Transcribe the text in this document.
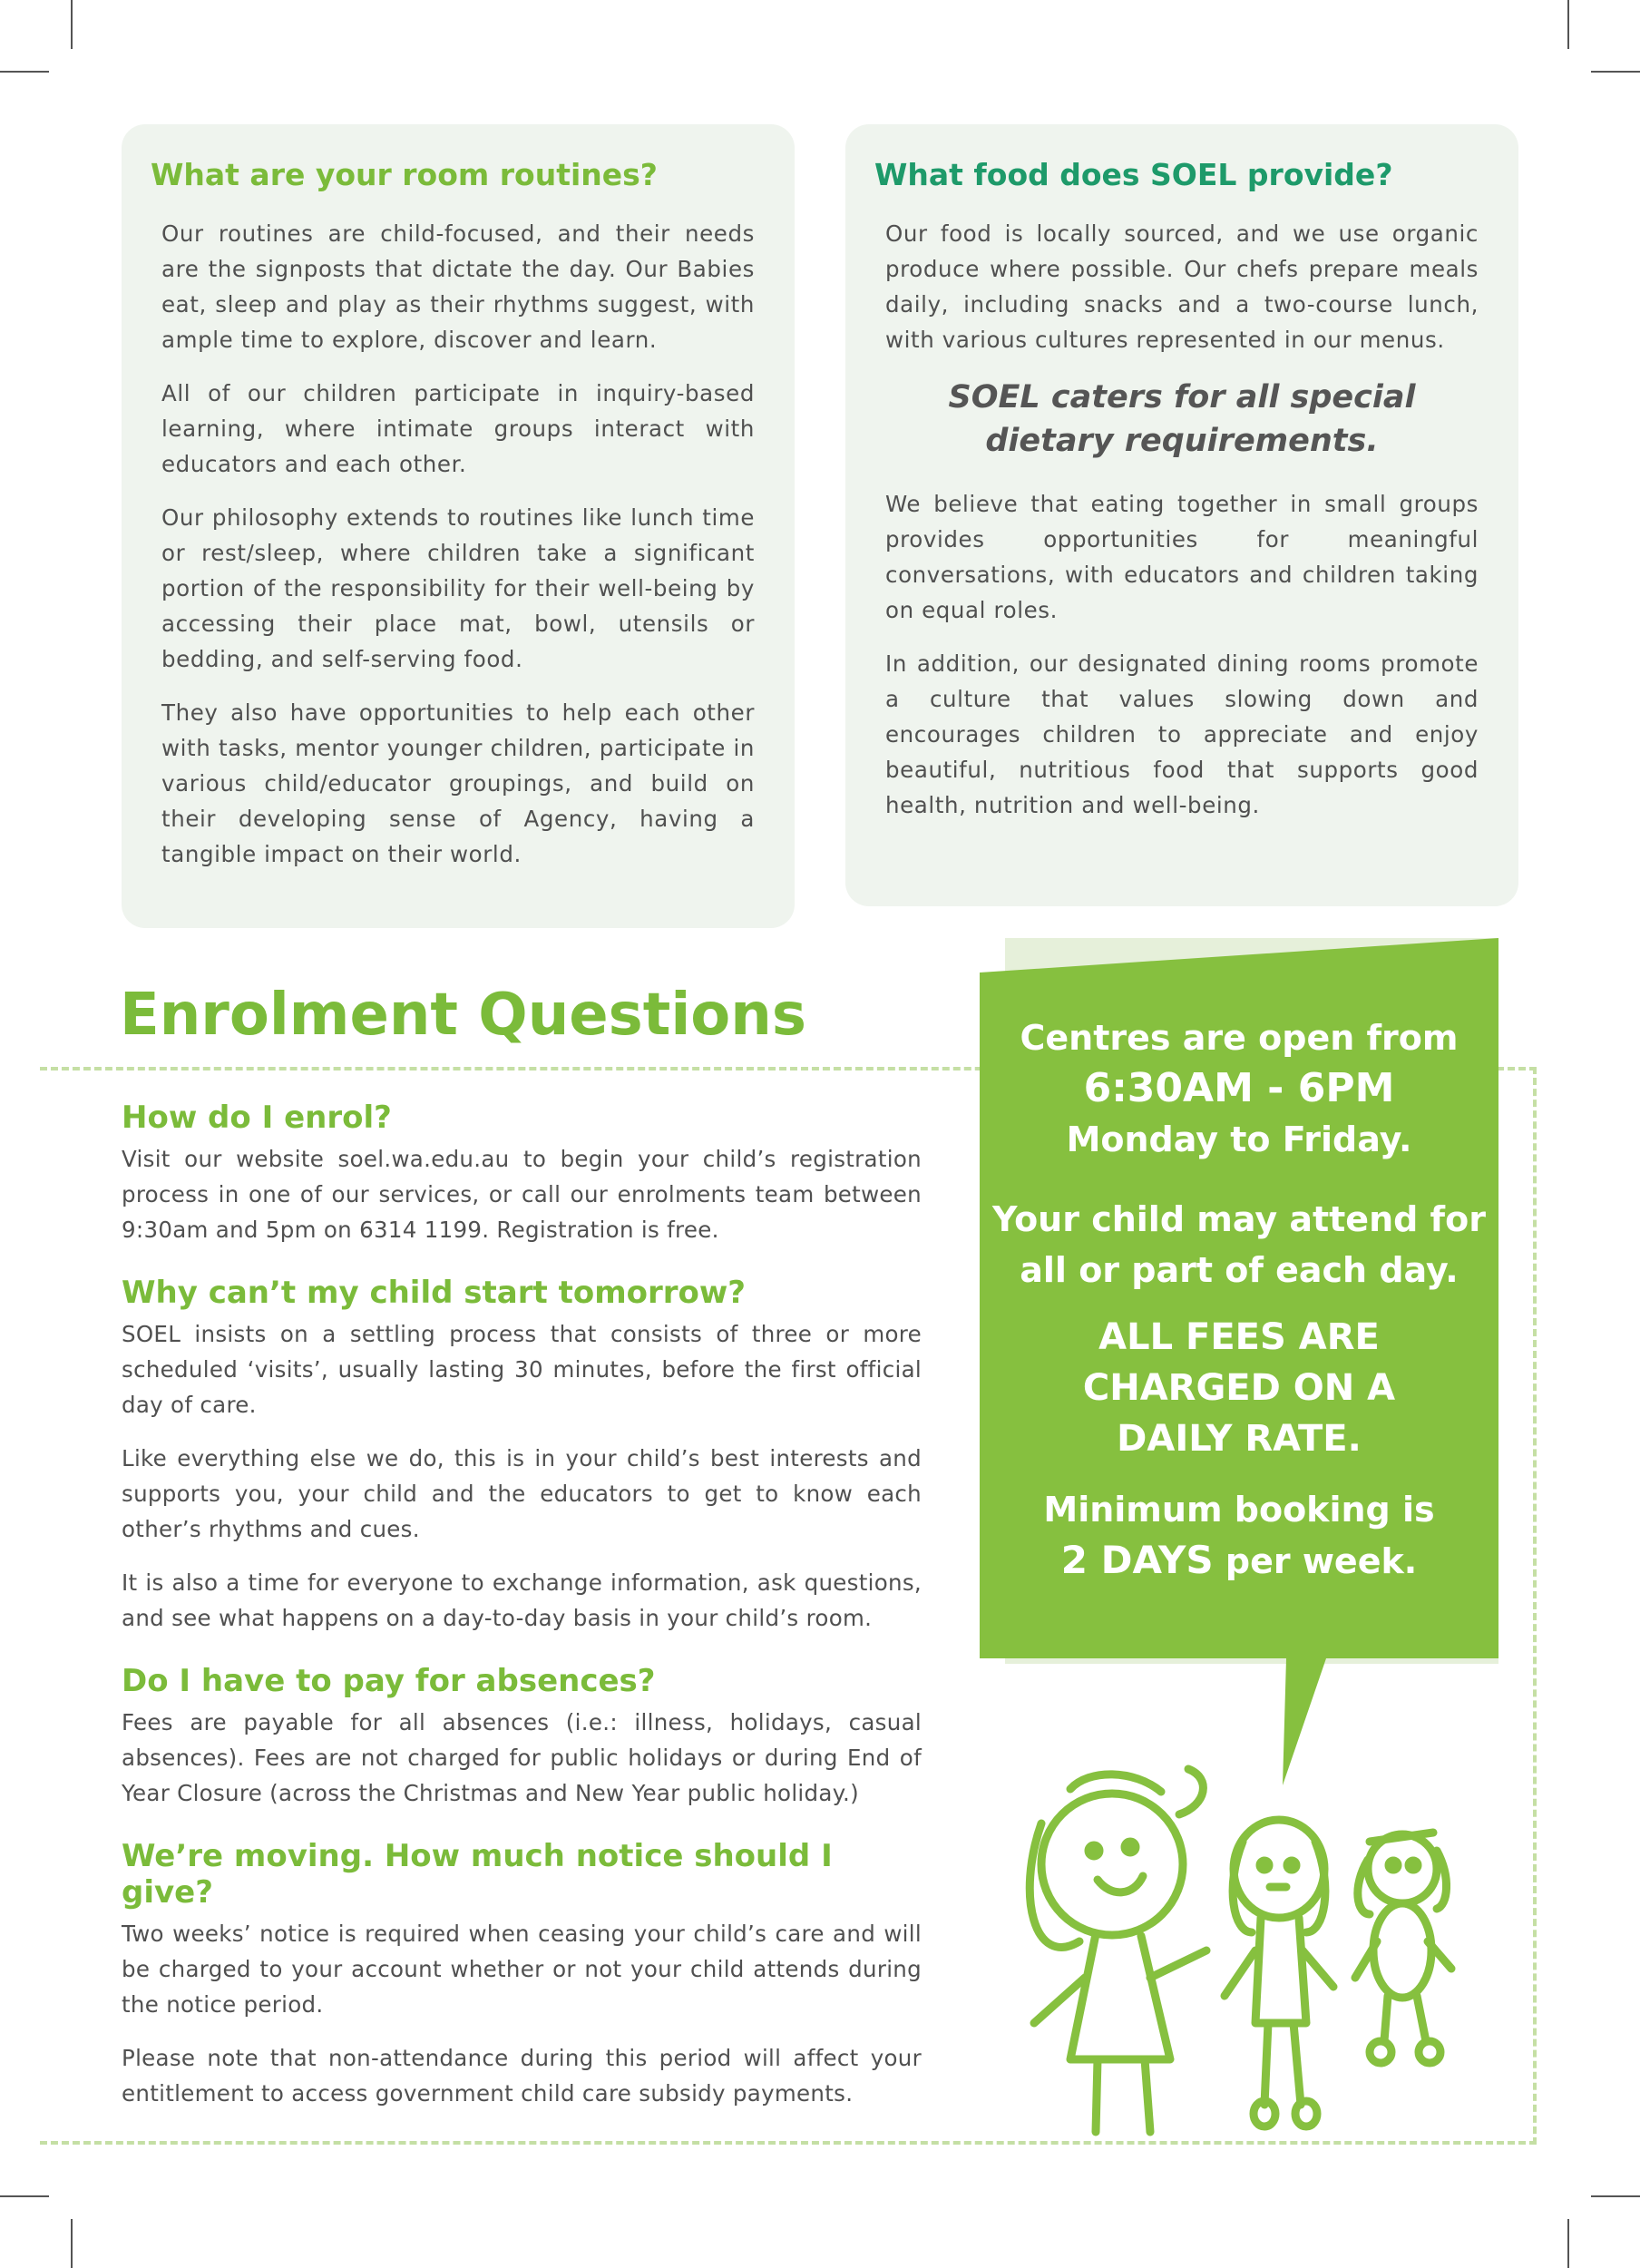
What are your room routines?

Our routines are child-focused, and their needs are the signposts that dictate the day. Our Babies eat, sleep and play as their rhythms suggest, with ample time to explore, discover and learn.

All of our children participate in inquiry-based learning, where intimate groups interact with educators and each other.

Our philosophy extends to routines like lunch time or rest/sleep, where children take a significant portion of the responsibility for their well-being by accessing their place mat, bowl, utensils or bedding, and self-serving food.

They also have opportunities to help each other with tasks, mentor younger children, participate in various child/educator groupings, and build on their developing sense of Agency, having a tangible impact on their world.

What food does SOEL provide?

Our food is locally sourced, and we use organic produce where possible. Our chefs prepare meals daily, including snacks and a two-course lunch, with various cultures represented in our menus.

SOEL caters for all special dietary requirements.

We believe that eating together in small groups provides opportunities for meaningful conversations, with educators and children taking on equal roles.

In addition, our designated dining rooms promote a culture that values slowing down and encourages children to appreciate and enjoy beautiful, nutritious food that supports good health, nutrition and well-being.

Enrolment Questions
How do I enrol?

Visit our website soel.wa.edu.au to begin your child’s registration process in one of our services, or call our enrolments team between 9:30am and 5pm on 6314 1199. Registration is free.

Why can’t my child start tomorrow?

SOEL insists on a settling process that consists of three or more scheduled ‘visits’, usually lasting 30 minutes, before the first official day of care.

Like everything else we do, this is in your child’s best interests and supports you, your child and the educators to get to know each other’s rhythms and cues.

It is also a time for everyone to exchange information, ask questions, and see what happens on a day-to-day basis in your child’s room.

Do I have to pay for absences?

Fees are payable for all absences (i.e.: illness, holidays, casual absences). Fees are not charged for public holidays or during End of Year Closure (across the Christmas and New Year public holiday.)

We’re moving. How much notice should I give?

Two weeks’ notice is required when ceasing your child’s care and will be charged to your account whether or not your child attends during the notice period.

Please note that non-attendance during this period will affect your entitlement to access government child care subsidy payments.

Centres are open from
6:30AM - 6PM
Monday to Friday.
Your child may attend for
all or part of each day.
ALL FEES ARE
CHARGED ON A
DAILY RATE.
Minimum booking is
2 DAYS per week.
